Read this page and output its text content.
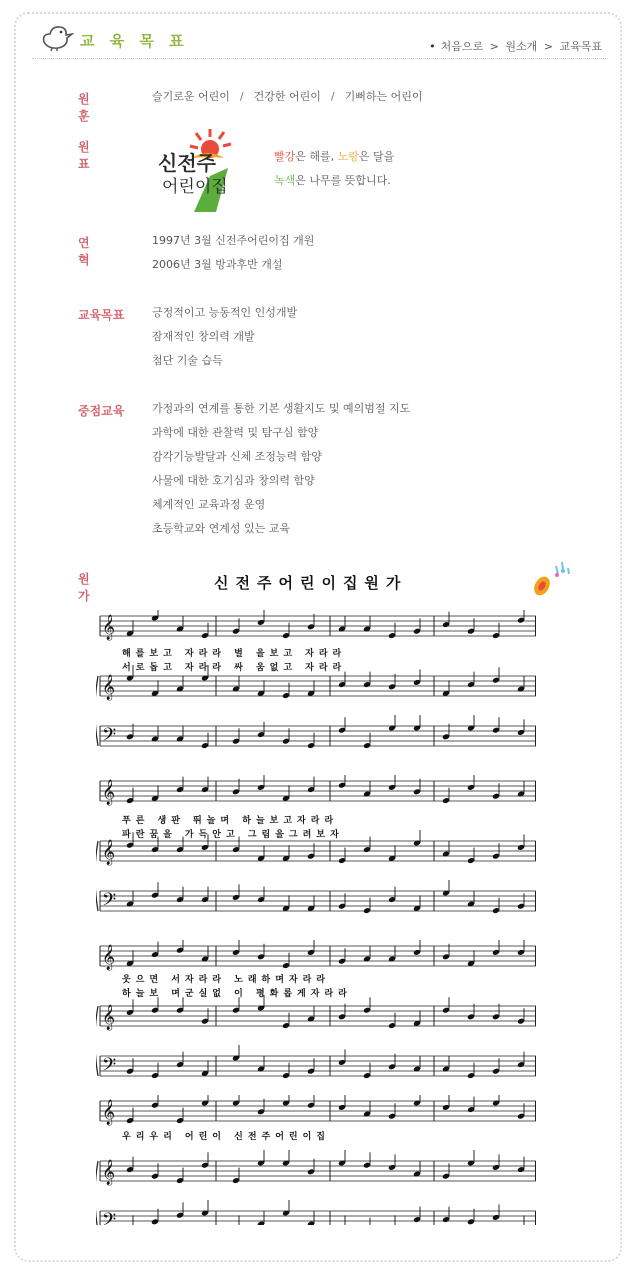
교 육 목 표	• 처음으로 > 원소개 > 교육목표
원 훈
슬기로운 어린이 / 건강한 어린이 / 기뻐하는 어린이
원 표	신전주
어린이집
빨강은 해를, 노랑은 달을
녹색은 나무를 뜻합니다.
연 혁
1997년 3월 신전주어린이집 개원
2006년 3월 방과후반 개설
교육목표	긍정적이고 능동적인 인성개발
잠재적인 창의력 개발
첨단 기술 습득
중점교육	가정과의 연계를 통한 기본 생활지도 및 예의범절 지도
과학에 대한 관찰력 및 탐구심 함양
감각기능발달과 신체 조정능력 함양
사물에 대한 호기심과 창의력 함양
체계적인 교육과정 운영
초등학교와 연계성 있는 교육
원 가
신전주어린이집원가
𝄞
𝄞
𝄢
해를보고 자라라 별 을보고 자라라
서로돕고 자라라 싸 움없고 자라라
𝄞
𝄞
𝄢
푸른 생판 뛰놀며 하늘보고자라라
파란꿈을 가득안고 그림을그려보자
𝄞
𝄞
𝄢
웃으면 서자라라 노래하며자라라
하늘보 며군실없 이 평화롭게자라라
𝄞
𝄞
𝄢
우리우리 어린이 신전주어린이집
